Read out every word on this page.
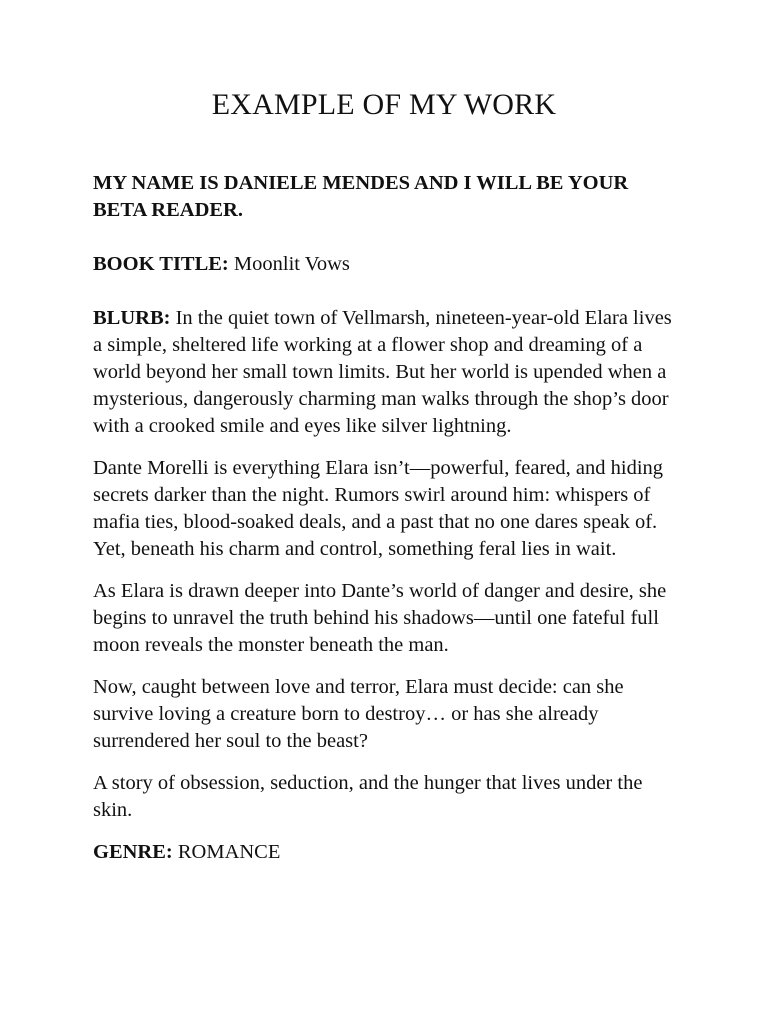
EXAMPLE OF MY WORK

MY NAME IS DANIELE MENDES AND I WILL BE YOUR BETA READER.

BOOK TITLE: Moonlit Vows

BLURB: In the quiet town of Vellmarsh, nineteen-year-old Elara lives a simple, sheltered life working at a flower shop and dreaming of a world beyond her small town limits. But her world is upended when a mysterious, dangerously charming man walks through the shop’s door with a crooked smile and eyes like silver lightning.

Dante Morelli is everything Elara isn’t—powerful, feared, and hiding secrets darker than the night. Rumors swirl around him: whispers of mafia ties, blood-soaked deals, and a past that no one dares speak of. Yet, beneath his charm and control, something feral lies in wait.

As Elara is drawn deeper into Dante’s world of danger and desire, she begins to unravel the truth behind his shadows—until one fateful full moon reveals the monster beneath the man.

Now, caught between love and terror, Elara must decide: can she survive loving a creature born to destroy… or has she already surrendered her soul to the beast?

A story of obsession, seduction, and the hunger that lives under the skin.

GENRE: ROMANCE
